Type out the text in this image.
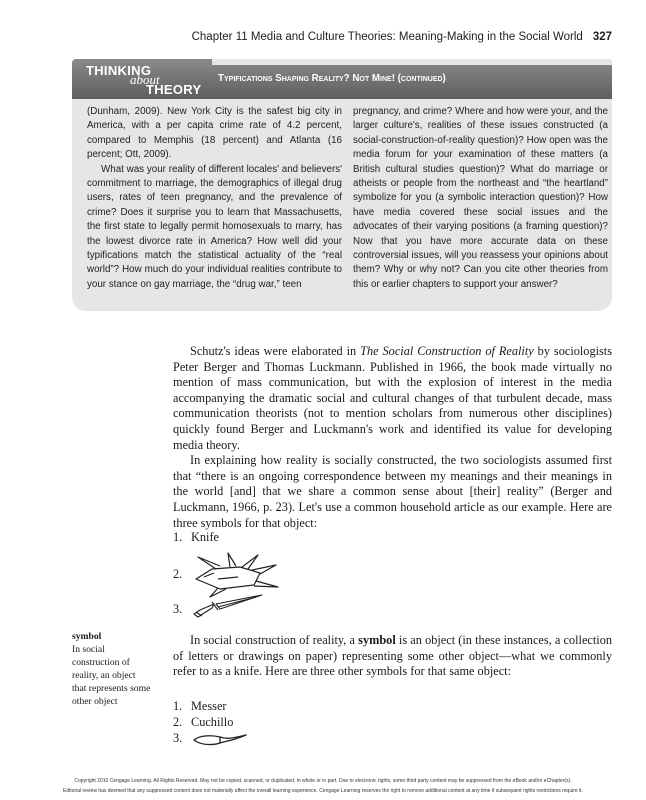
Chapter 11 Media and Culture Theories: Meaning-Making in the Social World 327
THINKING
about
THEORY
Typifications Shaping Reality? Not Mine! (continued)

(Dunham, 2009). New York City is the safest big city in America, with a per capita crime rate of 4.2 percent, compared to Memphis (18 percent) and Atlanta (16 percent; Ott, 2009).

What was your reality of different locales' and believers' commitment to marriage, the demographics of illegal drug users, rates of teen pregnancy, and the prevalence of crime? Does it surprise you to learn that Massachusetts, the first state to legally permit homosexuals to marry, has the lowest divorce rate in America? How well did your typifications match the statistical actuality of the “real world”? How much do your individual realities contribute to your stance on gay marriage, the “drug war,” teen

pregnancy, and crime? Where and how were your, and the larger culture's, realities of these issues constructed (a social-construction-of-reality question)? How open was the media forum for your examination of these matters (a British cultural studies question)? What do marriage or atheists or people from the northeast and “the heartland” symbolize for you (a symbolic interaction question)? How have media covered these social issues and the advocates of their varying positions (a framing question)? Now that you have more accurate data on these controversial issues, will you reassess your opinions about them? Why or why not? Can you cite other theories from this or earlier chapters to support your answer?

Schutz's ideas were elaborated in The Social Construction of Reality by sociologists Peter Berger and Thomas Luckmann. Published in 1966, the book made virtually no mention of mass communication, but with the explosion of interest in the media accompanying the dramatic social and cultural changes of that turbulent decade, mass communication theorists (not to mention scholars from numerous other disciplines) quickly found Berger and Luckmann's work and identified its value for developing media theory.

In explaining how reality is socially constructed, the two sociologists assumed first that “there is an ongoing correspondence between my meanings and their meanings in the world [and] that we share a common sense about [their] reality” (Berger and Luckmann, 1966, p. 23). Let's use a common household article as our example. Here are three symbols for that object:

1. Knife
2.
3.
symbol
In social construction of reality, an object that represents some other object

In social construction of reality, a symbol is an object (in these instances, a collection of letters or drawings on paper) representing some other object—what we commonly refer to as a knife. Here are three other symbols for that same object:

1. Messer
2. Cuchillo
3.
Copyright 2010 Cengage Learning. All Rights Reserved. May not be copied, scanned, or duplicated, in whole or in part. Due to electronic rights, some third party content may be suppressed from the eBook and/or eChapter(s).
Editorial review has deemed that any suppressed content does not materially affect the overall learning experience. Cengage Learning reserves the right to remove additional content at any time if subsequent rights restrictions require it.
